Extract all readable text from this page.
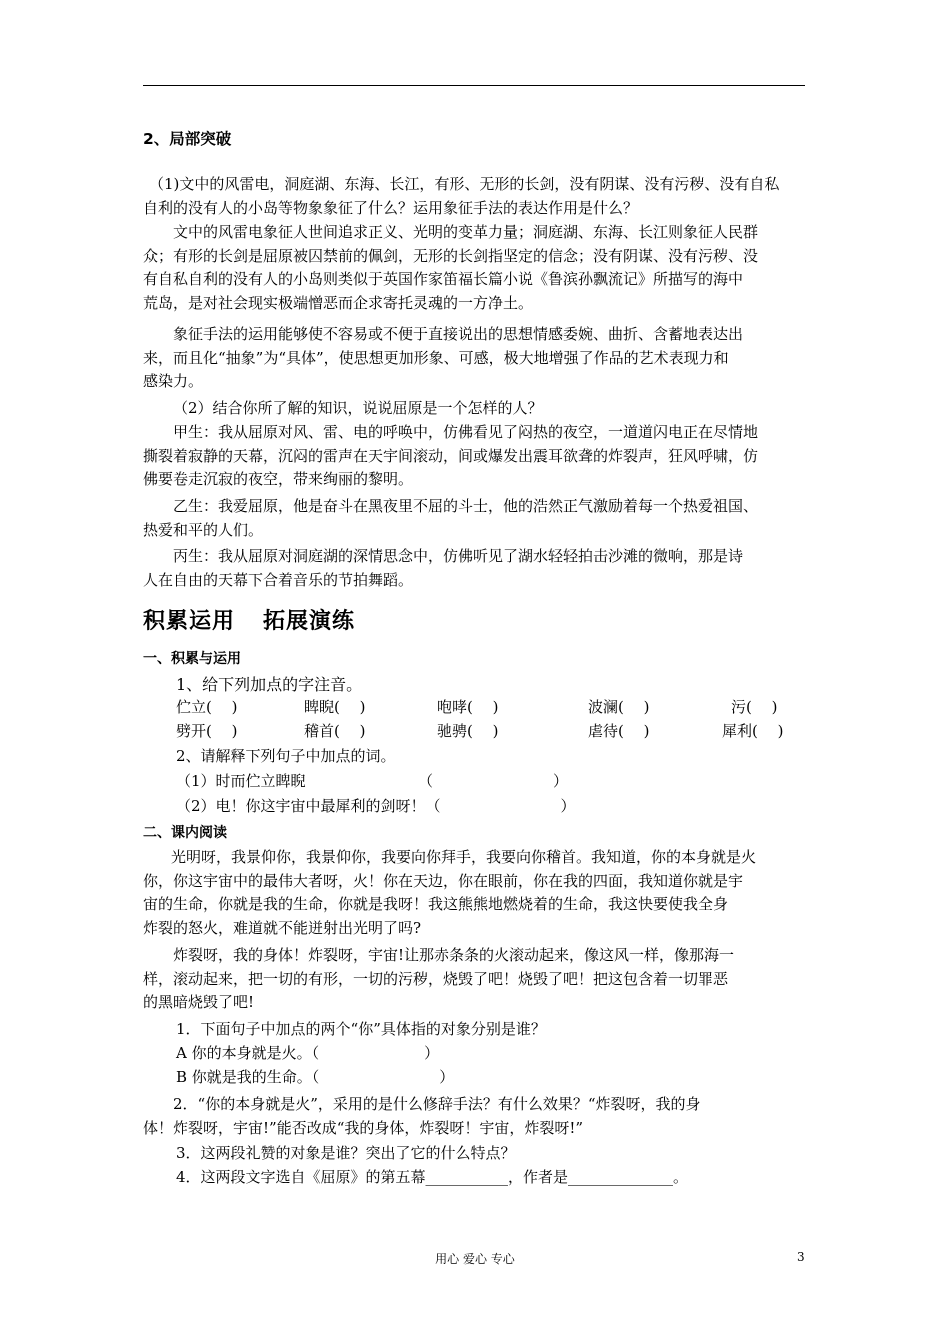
2、局部突破

（1)文中的风雷电，洞庭湖、东海、长江，有形、无形的长剑，没有阴谋、没有污秽、没有自私

自利的没有人的小岛等物象象征了什么？运用象征手法的表达作用是什么？

文中的风雷电象征人世间追求正义、光明的变革力量；洞庭湖、东海、长江则象征人民群

众；有形的长剑是屈原被囚禁前的佩剑，无形的长剑指坚定的信念；没有阴谋、没有污秽、没

有自私自利的没有人的小岛则类似于英国作家笛福长篇小说《鲁滨孙飘流记》所描写的海中

荒岛，是对社会现实极端憎恶而企求寄托灵魂的一方净土。

象征手法的运用能够使不容易或不便于直接说出的思想情感委婉、曲折、含蓄地表达出

来，而且化“抽象”为“具体”，使思想更加形象、可感，极大地增强了作品的艺术表现力和

感染力。

（2）结合你所了解的知识，说说屈原是一个怎样的人？

甲生：我从屈原对风、雷、电的呼唤中，仿佛看见了闷热的夜空，一道道闪电正在尽情地

撕裂着寂静的天幕，沉闷的雷声在天宇间滚动，间或爆发出震耳欲聋的炸裂声，狂风呼啸，仿

佛要卷走沉寂的夜空，带来绚丽的黎明。

乙生：我爱屈原，他是奋斗在黑夜里不屈的斗士，他的浩然正气激励着每一个热爱祖国、

热爱和平的人们。

丙生：我从屈原对洞庭湖的深情思念中，仿佛听见了湖水轻轻拍击沙滩的微响，那是诗

人在自由的天幕下合着音乐的节拍舞蹈。

积累运用 拓展演练
一、积累与运用
1、给下列加点的字注音。
伫立(　 )	睥睨(　 )	咆哮(　 )	波澜(　 )	污(　 )
劈开(　 )	稽首(　 )	驰骋(　 )	虐待(　 )	犀利(　 )
2、请解释下列句子中加点的词。
（1）时而伫立睥睨　　　　　　　　（　　　　　　　　）
（2）电！你这宇宙中最犀利的剑呀！（　　　　　　　　）
二、课内阅读

光明呀，我景仰你，我景仰你，我要向你拜手，我要向你稽首。我知道，你的本身就是火

你，你这宇宙中的最伟大者呀，火！你在天边，你在眼前，你在我的四面，我知道你就是宇

宙的生命，你就是我的生命，你就是我呀！我这熊熊地燃烧着的生命，我这快要使我全身

炸裂的怒火，难道就不能迸射出光明了吗?

炸裂呀，我的身体！炸裂呀，宇宙!让那赤条条的火滚动起来，像这风一样，像那海一

样，滚动起来，把一切的有形，一切的污秽，烧毁了吧！烧毁了吧！把这包含着一切罪恶

的黑暗烧毁了吧!

1．下面句子中加点的两个“你”具体指的对象分别是谁？
A 你的本身就是火。（　　　　　　　）
B 你就是我的生命。（　　　　　　　　）

2．“你的本身就是火”，采用的是什么修辞手法？有什么效果？“炸裂呀，我的身

体！炸裂呀，宇宙!”能否改成“我的身体，炸裂呀！宇宙，炸裂呀!”

3．这两段礼赞的对象是谁？突出了它的什么特点？
4．这两段文字选自《屈原》的第五幕___________，作者是______________。
用心 爱心 专心	3
